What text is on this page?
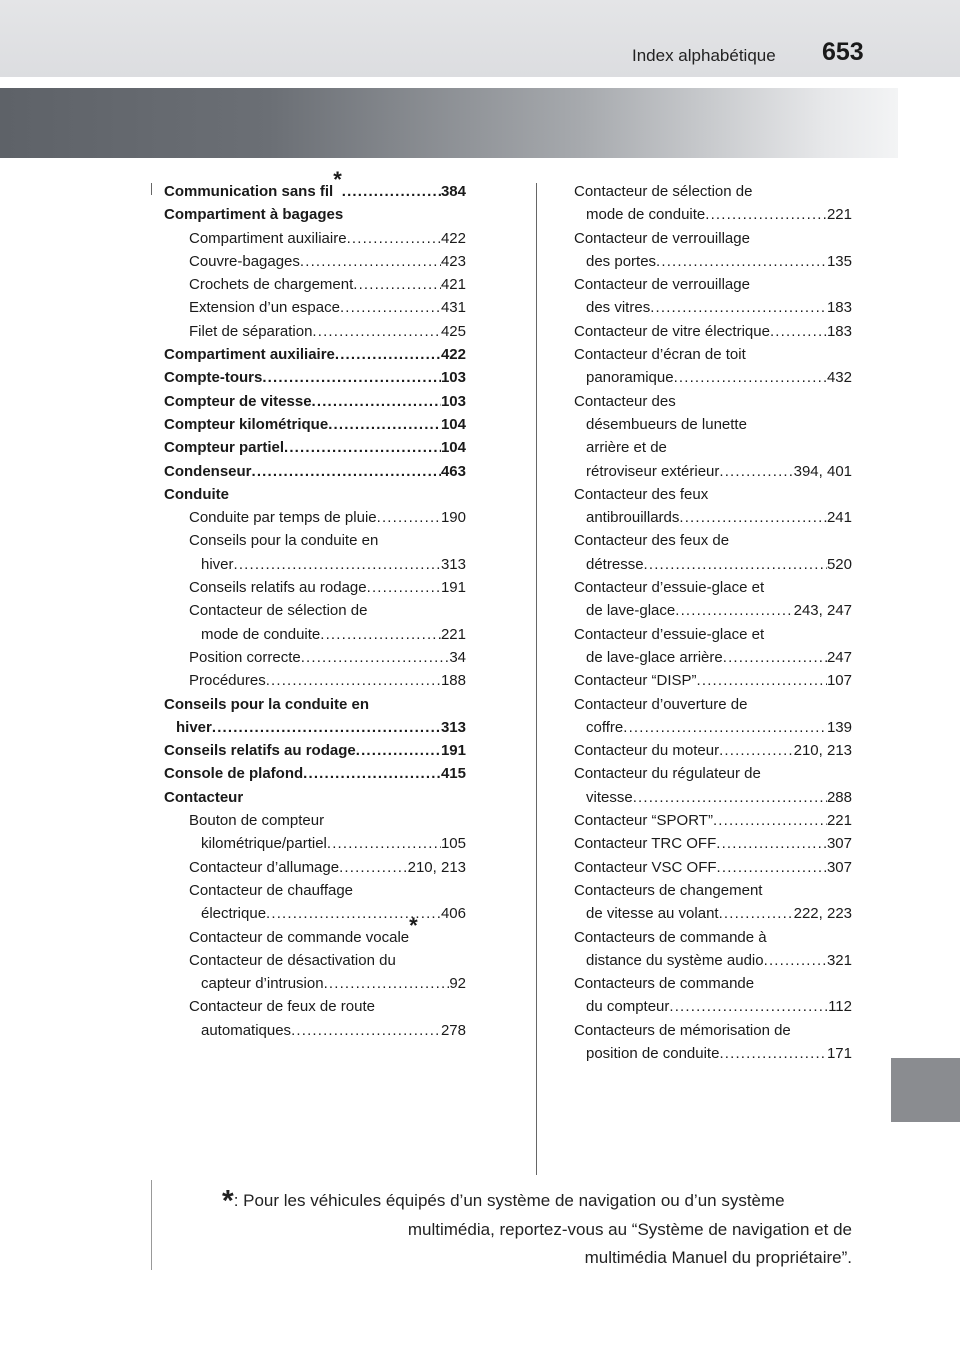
Index alphabétique 653
Communication sans fil * . . .	384
Compartiment à bagages
Compartiment auxiliaire . . .	422
Couvre-bagages . . .	423
Crochets de chargement . . .	421
Extension d’un espace . . .	431
Filet de séparation . . .	425
Compartiment auxiliaire . . .	422
Compte-tours . . .	103
Compteur de vitesse . . .	103
Compteur kilométrique . . .	104
Compteur partiel . . .	104
Condenseur . . .	463
Conduite
Conduite par temps de pluie . . .	190
Conseils pour la conduite en
hiver . . .	313
Conseils relatifs au rodage . . .	191
Contacteur de sélection de
mode de conduite . . .	221
Position correcte . . .	34
Procédures . . .	188
Conseils pour la conduite en
hiver . . .	313
Conseils relatifs au rodage . . .	191
Console de plafond . . .	415
Contacteur
Bouton de compteur
kilométrique/partiel . . .	105
Contacteur d’allumage . . .	210, 213
Contacteur de chauffage
électrique . . .	406
Contacteur de commande vocale *
Contacteur de désactivation du
capteur d’intrusion . . .	92
Contacteur de feux de route
automatiques . . .	278
Contacteur de sélection de
mode de conduite . . .	221
Contacteur de verrouillage
des portes . . .	135
Contacteur de verrouillage
des vitres . . .	183
Contacteur de vitre électrique . . .	183
Contacteur d’écran de toit
panoramique . . .	432
Contacteur des
désembueurs de lunette
arrière et de
rétroviseur extérieur . . .	394, 401
Contacteur des feux
antibrouillards . . .	241
Contacteur des feux de
détresse . . .	520
Contacteur d’essuie-glace et
de lave-glace . . .	243, 247
Contacteur d’essuie-glace et
de lave-glace arrière . . .	247
Contacteur “DISP” . . .	107
Contacteur d’ouverture de
coffre . . .	139
Contacteur du moteur . . .	210, 213
Contacteur du régulateur de
vitesse . . .	288
Contacteur “SPORT” . . .	221
Contacteur TRC OFF . . .	307
Contacteur VSC OFF . . .	307
Contacteurs de changement
de vitesse au volant . . .	222, 223
Contacteurs de commande à
distance du système audio . . .	321
Contacteurs de commande
du compteur . . .	112
Contacteurs de mémorisation de
position de conduite . . .	171
*: Pour les véhicules équipés d’un système de navigation ou d’un système
multimédia, reportez-vous au “Système de navigation et de
multimédia Manuel du propriétaire”.
